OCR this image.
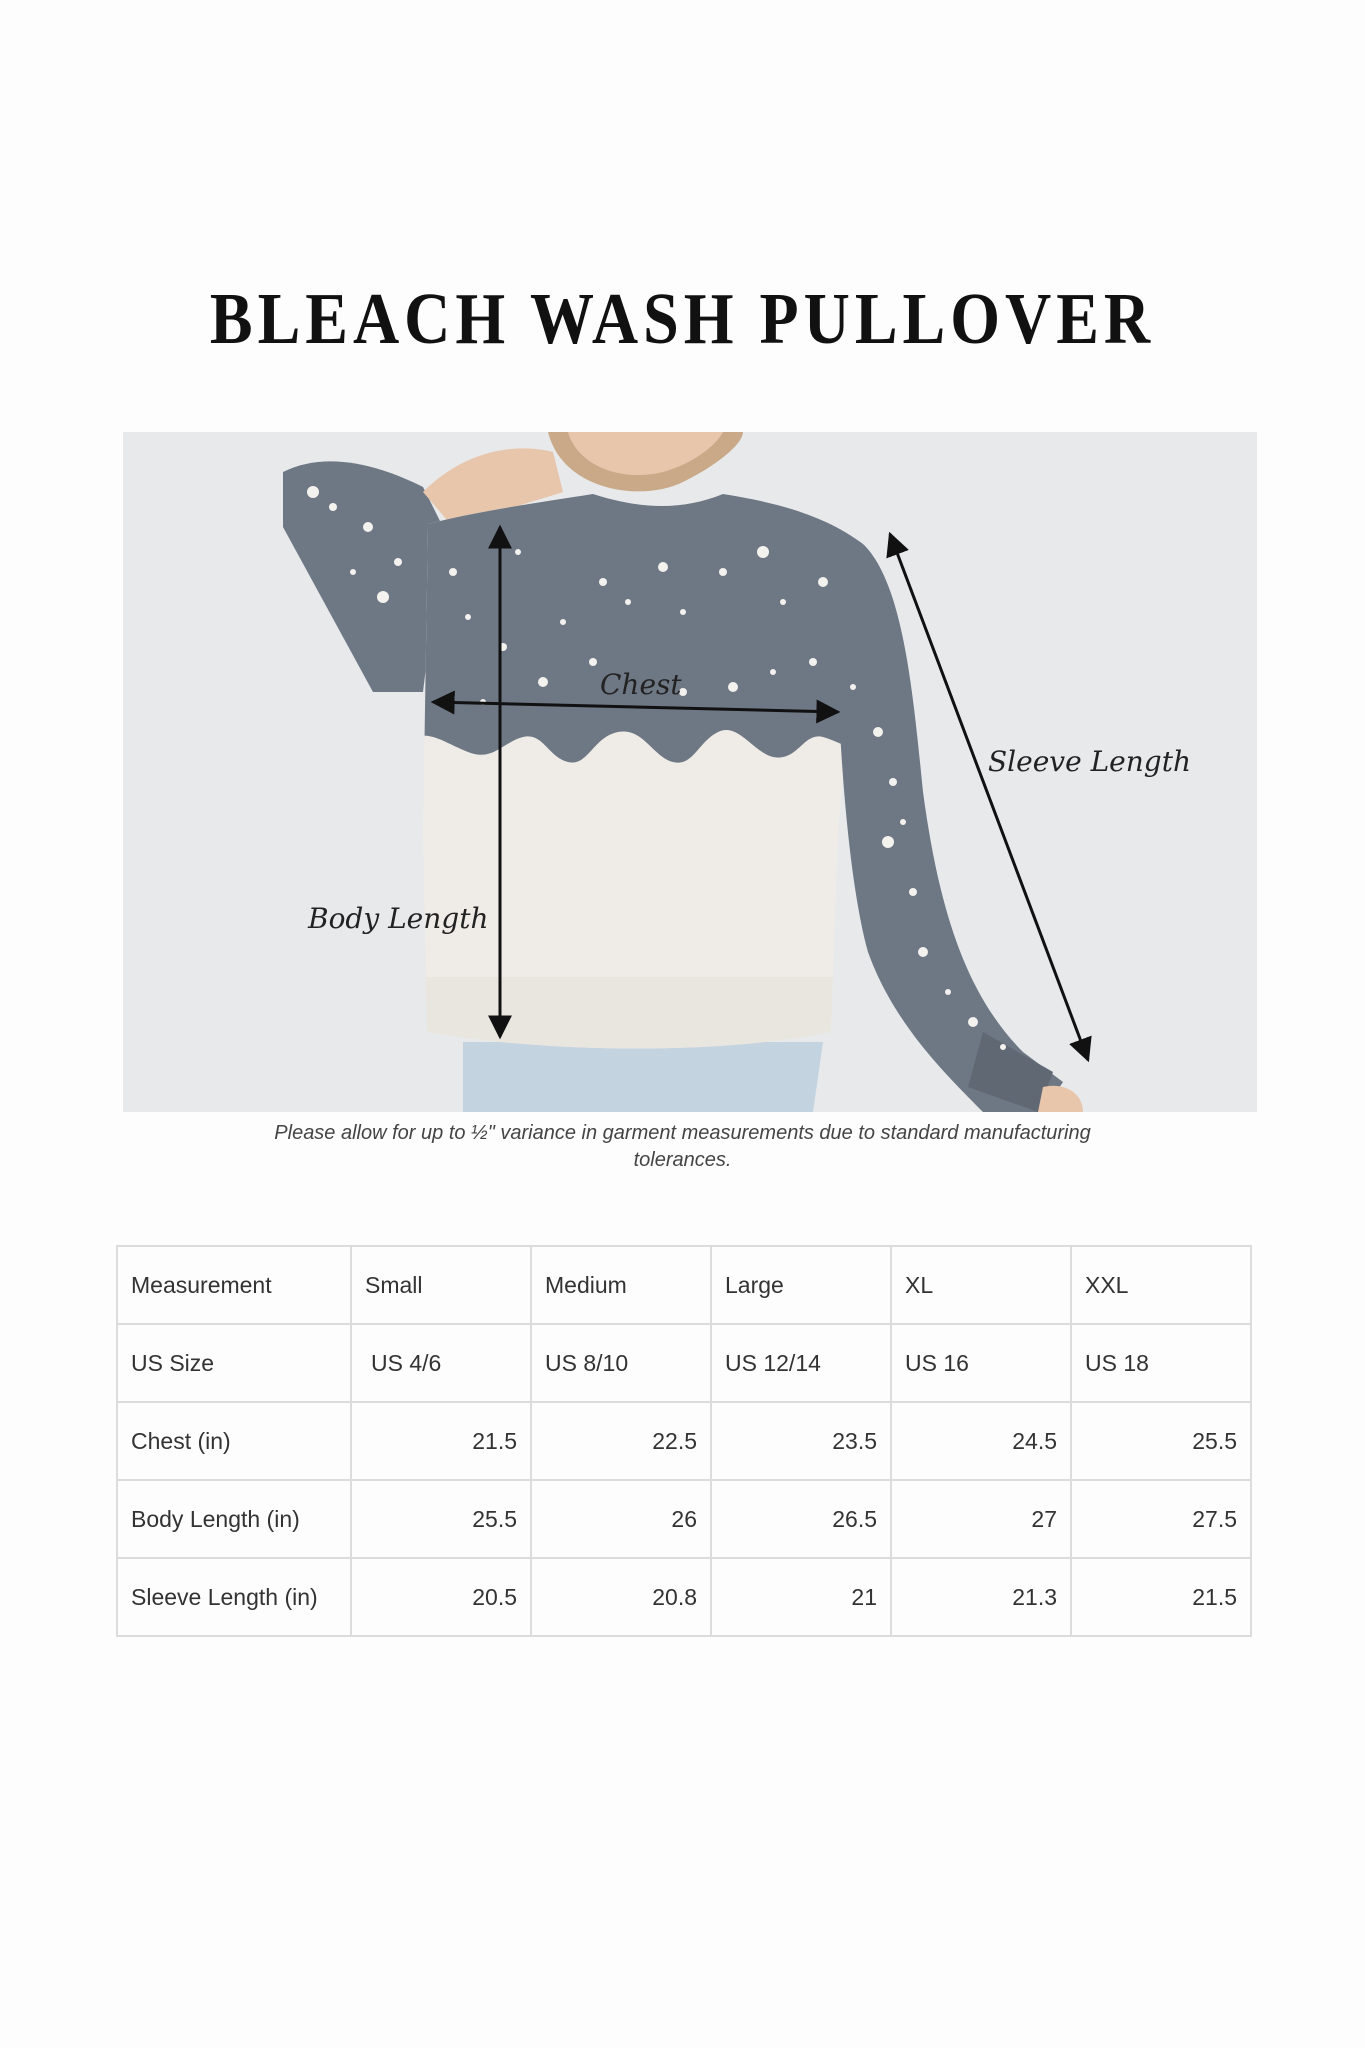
BLEACH WASH PULLOVER
Chest
Sleeve Length
Body Length

Please allow for up to ½" variance in garment measurements due to standard manufacturing tolerances.

Measurement	Small	Medium	Large	XL	XXL
US Size	US 4/6	US 8/10	US 12/14	US 16	US 18
Chest (in)	21.5	22.5	23.5	24.5	25.5
Body Length (in)	25.5	26	26.5	27	27.5
Sleeve Length (in)	20.5	20.8	21	21.3	21.5
